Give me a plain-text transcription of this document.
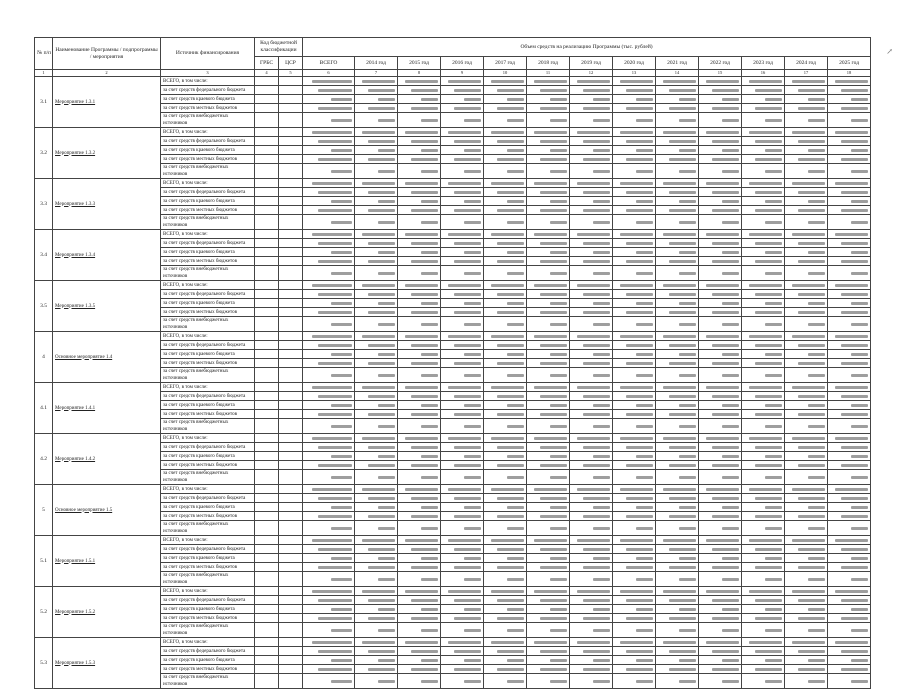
↗
№ п/п	Наименование Программы / подпрограммы / мероприятия	Источник финансирования	Код бюджетной классификации		Объем средств на реализацию Программы (тыс. рублей)												
			ГРБС	ЦСР	ВСЕГО	2014 год	2015 год	2016 год	2017 год	2018 год	2019 год	2020 год	2021 год	2022 год	2023 год	2024 год	2025 год
1	2	3	4	5	6	7	8	9	10	11	12	13	14	15	16	17	18
3.1	Мероприятие 1.3.1	ВСЕГО, в том числе:			

		за счет средств федерального бюджета			

		за счет средств краевого бюджета			

		за счет средств местных бюджетов			

		за счет средств внебюджетных источников			

3.2	Мероприятие 1.3.2	ВСЕГО, в том числе:			

		за счет средств федерального бюджета			

		за счет средств краевого бюджета			

		за счет средств местных бюджетов			

		за счет средств внебюджетных источников			

3.3	Мероприятие 1.3.3	ВСЕГО, в том числе:			

		за счет средств федерального бюджета			

		за счет средств краевого бюджета			

		за счет средств местных бюджетов			

		за счет средств внебюджетных источников			

3.4	Мероприятие 1.3.4	ВСЕГО, в том числе:			

		за счет средств федерального бюджета			

		за счет средств краевого бюджета			

		за счет средств местных бюджетов			

		за счет средств внебюджетных источников			

3.5	Мероприятие 1.3.5	ВСЕГО, в том числе:			

		за счет средств федерального бюджета			

		за счет средств краевого бюджета			

		за счет средств местных бюджетов			

		за счет средств внебюджетных источников			

4	Основное мероприятие 1.4	ВСЕГО, в том числе:			

		за счет средств федерального бюджета			

		за счет средств краевого бюджета			

		за счет средств местных бюджетов			

		за счет средств внебюджетных источников			

4.1	Мероприятие 1.4.1	ВСЕГО, в том числе:			

		за счет средств федерального бюджета			

		за счет средств краевого бюджета			

		за счет средств местных бюджетов			

		за счет средств внебюджетных источников			

4.2	Мероприятие 1.4.2	ВСЕГО, в том числе:			

		за счет средств федерального бюджета			

		за счет средств краевого бюджета			

		за счет средств местных бюджетов			

		за счет средств внебюджетных источников			

5	Основное мероприятие 1.5	ВСЕГО, в том числе:			

		за счет средств федерального бюджета			

		за счет средств краевого бюджета			

		за счет средств местных бюджетов			

		за счет средств внебюджетных источников			

5.1	Мероприятие 1.5.1	ВСЕГО, в том числе:			

		за счет средств федерального бюджета			

		за счет средств краевого бюджета			

		за счет средств местных бюджетов			

		за счет средств внебюджетных источников			

5.2	Мероприятие 1.5.2	ВСЕГО, в том числе:			

		за счет средств федерального бюджета			

		за счет средств краевого бюджета			

		за счет средств местных бюджетов			

		за счет средств внебюджетных источников			

5.3	Мероприятие 1.5.3	ВСЕГО, в том числе:			

		за счет средств федерального бюджета			

		за счет средств краевого бюджета			

		за счет средств местных бюджетов			

		за счет средств внебюджетных источников			
